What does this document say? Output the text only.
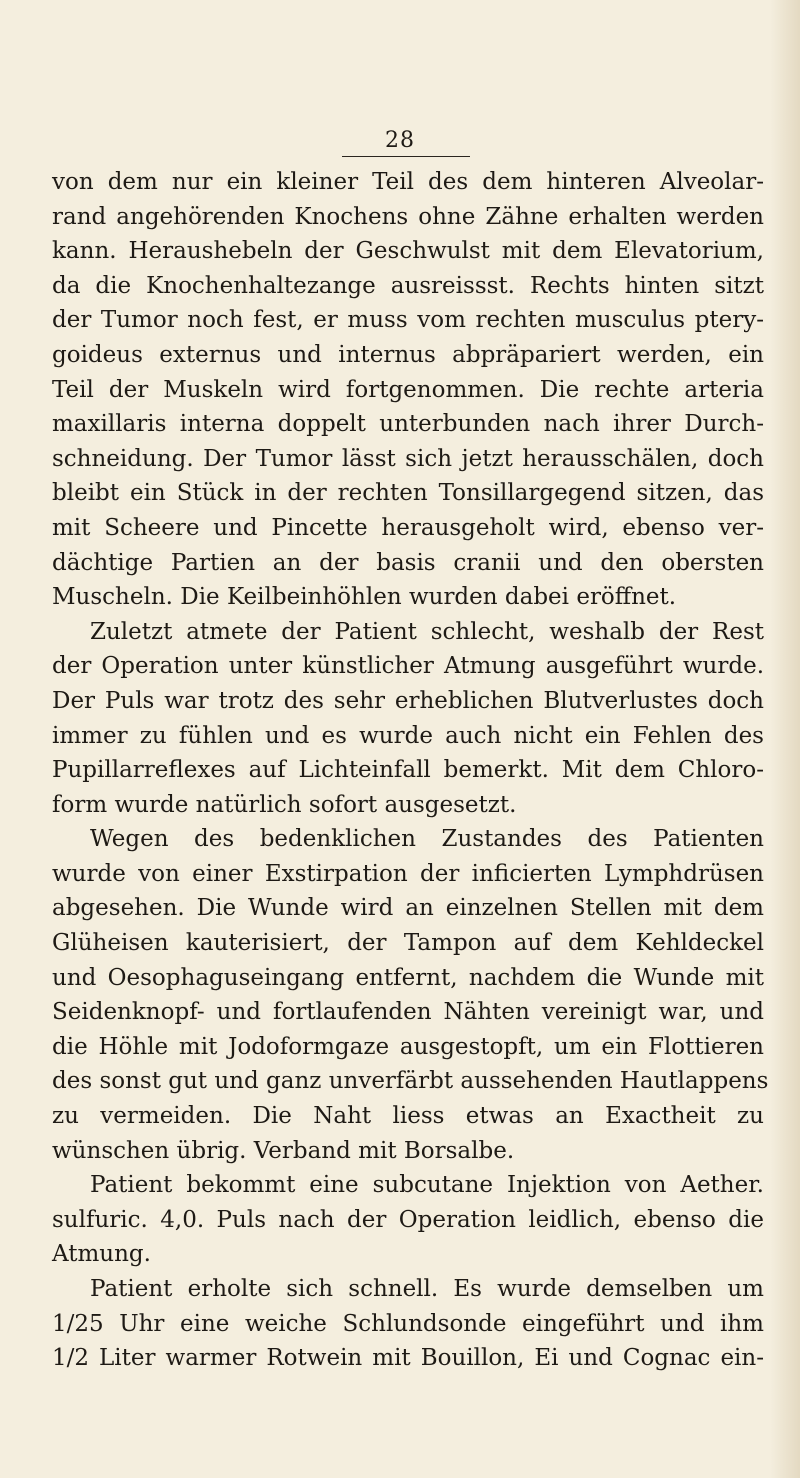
28
von dem nur ein kleiner Teil des dem hinteren Alveolar-
rand angehörenden Knochens ohne Zähne erhalten werden
kann. Heraushebeln der Geschwulst mit dem Elevatorium,
da die Knochenhaltezange ausreissst. Rechts hinten sitzt
der Tumor noch fest, er muss vom rechten musculus ptery-
goideus externus und internus abpräpariert werden, ein
Teil der Muskeln wird fortgenommen. Die rechte arteria
maxillaris interna doppelt unterbunden nach ihrer Durch-
schneidung. Der Tumor lässt sich jetzt herausschälen, doch
bleibt ein Stück in der rechten Tonsillargegend sitzen, das
mit Scheere und Pincette herausgeholt wird, ebenso ver-
dächtige Partien an der basis cranii und den obersten
Muscheln. Die Keilbeinhöhlen wurden dabei eröffnet.
Zuletzt atmete der Patient schlecht, weshalb der Rest
der Operation unter künstlicher Atmung ausgeführt wurde.
Der Puls war trotz des sehr erheblichen Blutverlustes doch
immer zu fühlen und es wurde auch nicht ein Fehlen des
Pupillarreflexes auf Lichteinfall bemerkt. Mit dem Chloro-
form wurde natürlich sofort ausgesetzt.
Wegen des bedenklichen Zustandes des Patienten
wurde von einer Exstirpation der inficierten Lymphdrüsen
abgesehen. Die Wunde wird an einzelnen Stellen mit dem
Glüheisen kauterisiert, der Tampon auf dem Kehldeckel
und Oesophaguseingang entfernt, nachdem die Wunde mit
Seidenknopf- und fortlaufenden Nähten vereinigt war, und
die Höhle mit Jodoformgaze ausgestopft, um ein Flottieren
des sonst gut und ganz unverfärbt aussehenden Hautlappens
zu vermeiden. Die Naht liess etwas an Exactheit zu
wünschen übrig. Verband mit Borsalbe.
Patient bekommt eine subcutane Injektion von Aether.
sulfuric. 4,0. Puls nach der Operation leidlich, ebenso die
Atmung.
Patient erholte sich schnell. Es wurde demselben um
1/25 Uhr eine weiche Schlundsonde eingeführt und ihm
1/2 Liter warmer Rotwein mit Bouillon, Ei und Cognac ein-
